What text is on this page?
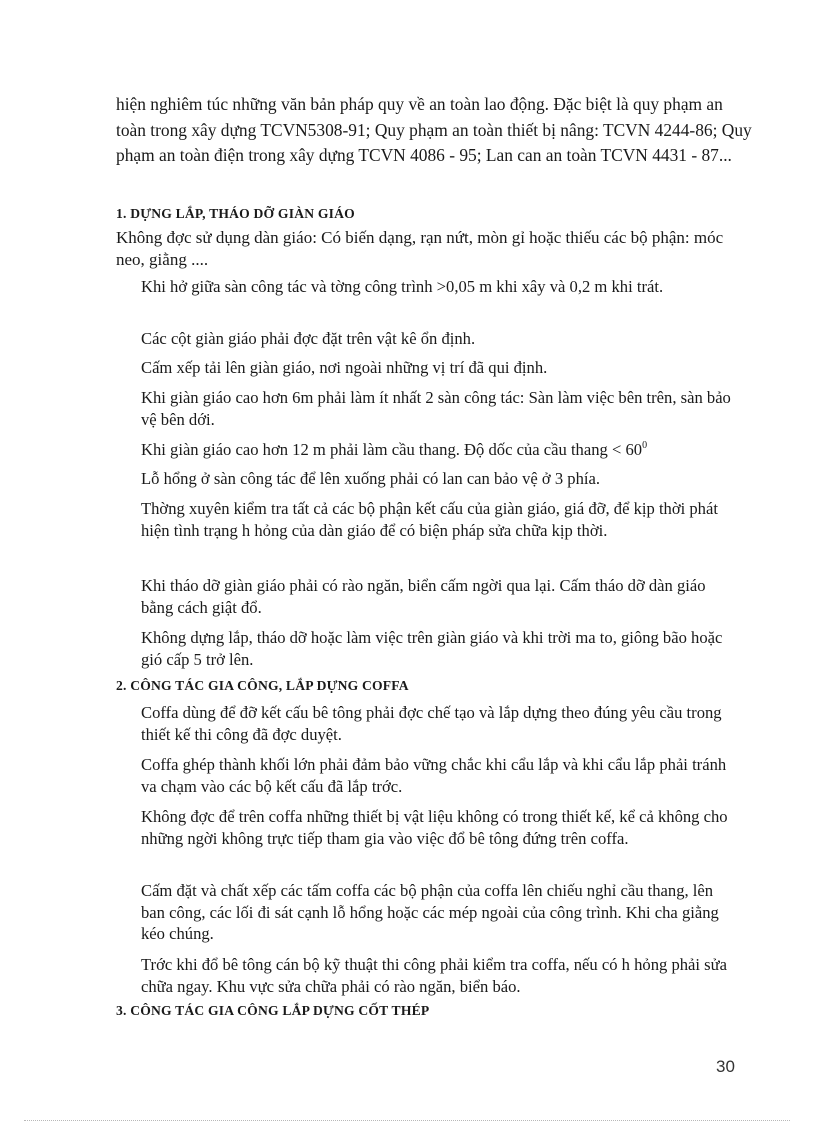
hiện nghiêm túc những văn bản pháp quy về an toàn lao động. Đặc biệt là quy phạm an toàn trong xây dựng TCVN5308-91; Quy phạm an toàn thiết bị nâng: TCVN 4244-86; Quy phạm an toàn điện trong xây dựng TCVN 4086 - 95; Lan can an toàn TCVN 4431 - 87...

1. DỰNG LẮP, THÁO DỠ GIÀN GIÁO

Không đợc sử dụng dàn giáo: Có biến dạng, rạn nứt, mòn gỉ hoặc thiếu các bộ phận: móc neo, giằng ....

Khi hở giữa sàn công tác và tờng công trình >0,05 m khi xây và 0,2 m khi trát.

Các cột giàn giáo phải đợc đặt trên vật kê ổn định.

Cấm xếp tải lên giàn giáo, nơi ngoài những vị trí đã qui định.

Khi giàn giáo cao hơn 6m phải làm ít nhất 2 sàn công tác: Sàn làm việc bên trên, sàn bảo vệ bên dới.

Khi giàn giáo cao hơn 12 m phải làm cầu thang. Độ dốc của cầu thang < $60^0$

Lỗ hổng ở sàn công tác để lên xuống phải có lan can bảo vệ ở 3 phía.

Thờng xuyên kiểm tra tất cả các bộ phận kết cấu của giàn giáo, giá đỡ, để kịp thời phát hiện tình trạng h hỏng của dàn giáo để có biện pháp sửa chữa kịp thời.

Khi tháo dỡ giàn giáo phải có rào ngăn, biển cấm ngời qua lại. Cấm tháo dỡ dàn giáo bằng cách giật đổ.

Không dựng lắp, tháo dỡ hoặc làm việc trên giàn giáo và khi trời ma to, giông bão hoặc gió cấp 5 trở lên.

2. CÔNG TÁC GIA CÔNG, LẮP DỰNG COFFA

Coffa dùng để đỡ kết cấu bê tông phải đợc chế tạo và lắp dựng theo đúng yêu cầu trong thiết kế thi công đã đợc duyệt.

Coffa ghép thành khối lớn phải đảm bảo vững chắc khi cẩu lắp và khi cẩu lắp phải tránh va chạm vào các bộ kết cấu đã lắp trớc.

Không đợc để trên coffa những thiết bị vật liệu không có trong thiết kế, kể cả không cho những ngời không trực tiếp tham gia vào việc đổ bê tông đứng trên coffa.

Cấm đặt và chất xếp các tấm coffa các bộ phận của coffa lên chiếu nghỉ cầu thang, lên ban công, các lối đi sát cạnh lỗ hổng hoặc các mép ngoài của công trình. Khi cha giằng kéo chúng.

Trớc khi đổ bê tông cán bộ kỹ thuật thi công phải kiểm tra coffa, nếu có h hỏng phải sửa chữa ngay. Khu vực sửa chữa phải có rào ngăn, biển báo.

3. CÔNG TÁC GIA CÔNG LẮP DỰNG CỐT THÉP
30
